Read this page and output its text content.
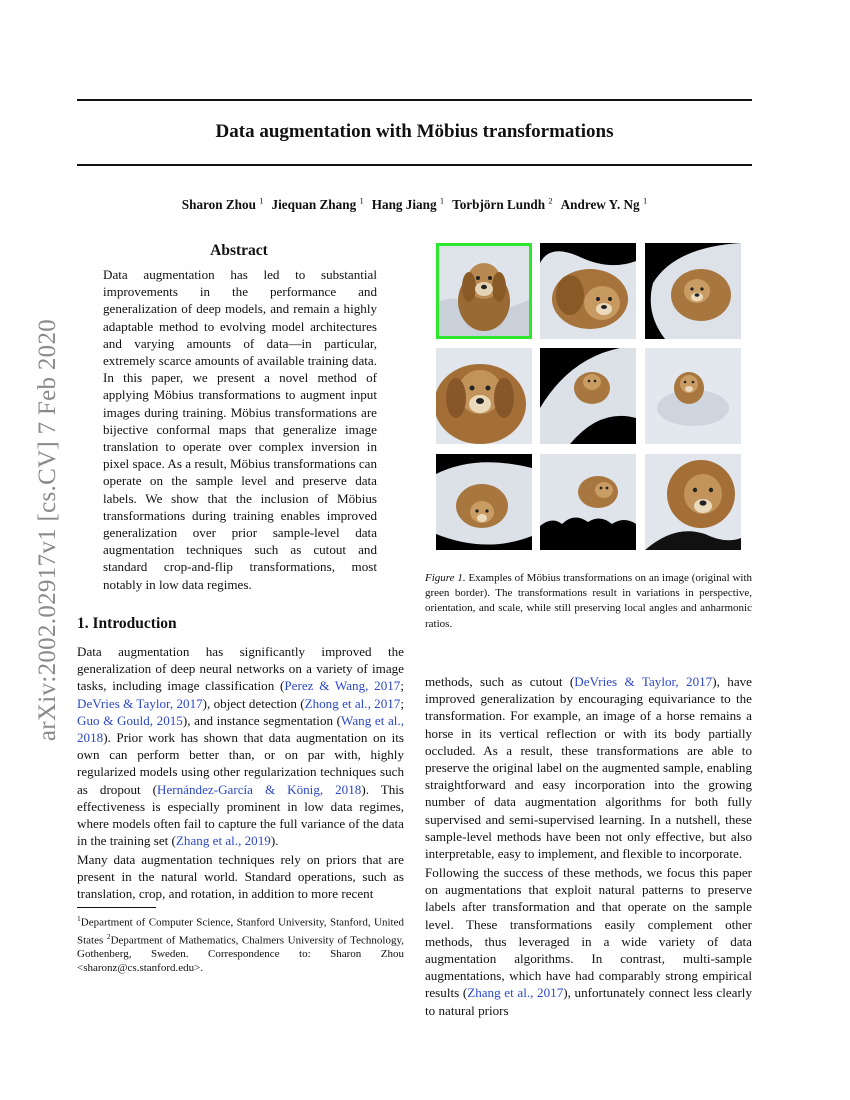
arXiv:2002.02917v1 [cs.CV] 7 Feb 2020
Data augmentation with Möbius transformations
Sharon Zhou $^1$ Jiequan Zhang $^1$ Hang Jiang $^1$ Torbjörn Lundh $^2$ Andrew Y. Ng $^1$
Abstract

Data augmentation has led to substantial improvements in the performance and generalization of deep models, and remain a highly adaptable method to evolving model architectures and varying amounts of data—in particular, extremely scarce amounts of available training data. In this paper, we present a novel method of applying Möbius transformations to augment input images during training. Möbius transformations are bijective conformal maps that generalize image translation to operate over complex inversion in pixel space. As a result, Möbius transformations can operate on the sample level and preserve data labels. We show that the inclusion of Möbius transformations during training enables improved generalization over prior sample-level data augmentation techniques such as cutout and standard crop-and-flip transformations, most notably in low data regimes.	Figure 1. Examples of Möbius transformations on an image (original with green border). The transformations result in variations in perspective, orientation, and scale, while still preserving local angles and anharmonic ratios.

1. Introduction

Data augmentation has significantly improved the generalization of deep neural networks on a variety of image tasks, including image classification (Perez & Wang, 2017; DeVries & Taylor, 2017), object detection (Zhong et al., 2017; Guo & Gould, 2015), and instance segmentation (Wang et al., 2018). Prior work has shown that data augmentation on its own can perform better than, or on par with, highly regularized models using other regularization techniques such as dropout (Hernández-García & König, 2018). This effectiveness is especially prominent in low data regimes, where models often fail to capture the full variance of the data in the training set (Zhang et al., 2019).

Many data augmentation techniques rely on priors that are present in the natural world. Standard operations, such as translation, crop, and rotation, in addition to more recent

$^1$Department of Computer Science, Stanford University, Stanford, United States $^2$Department of Mathematics, Chalmers University of Technology, Gothenberg, Sweden. Correspondence to: Sharon Zhou <sharonz@cs.stanford.edu>.

methods, such as cutout (DeVries & Taylor, 2017), have improved generalization by encouraging equivariance to the transformation. For example, an image of a horse remains a horse in its vertical reflection or with its body partially occluded. As a result, these transformations are able to preserve the original label on the augmented sample, enabling straightforward and easy incorporation into the growing number of data augmentation algorithms for both fully supervised and semi-supervised learning. In a nutshell, these sample-level methods have been not only effective, but also interpretable, easy to implement, and flexible to incorporate.

Following the success of these methods, we focus this paper on augmentations that exploit natural patterns to preserve labels after transformation and that operate on the sample level. These transformations easily complement other methods, thus leveraged in a wide variety of data augmentation algorithms. In contrast, multi-sample augmentations, which have had comparably strong empirical results (Zhang et al., 2017), unfortunately connect less clearly to natural priors
